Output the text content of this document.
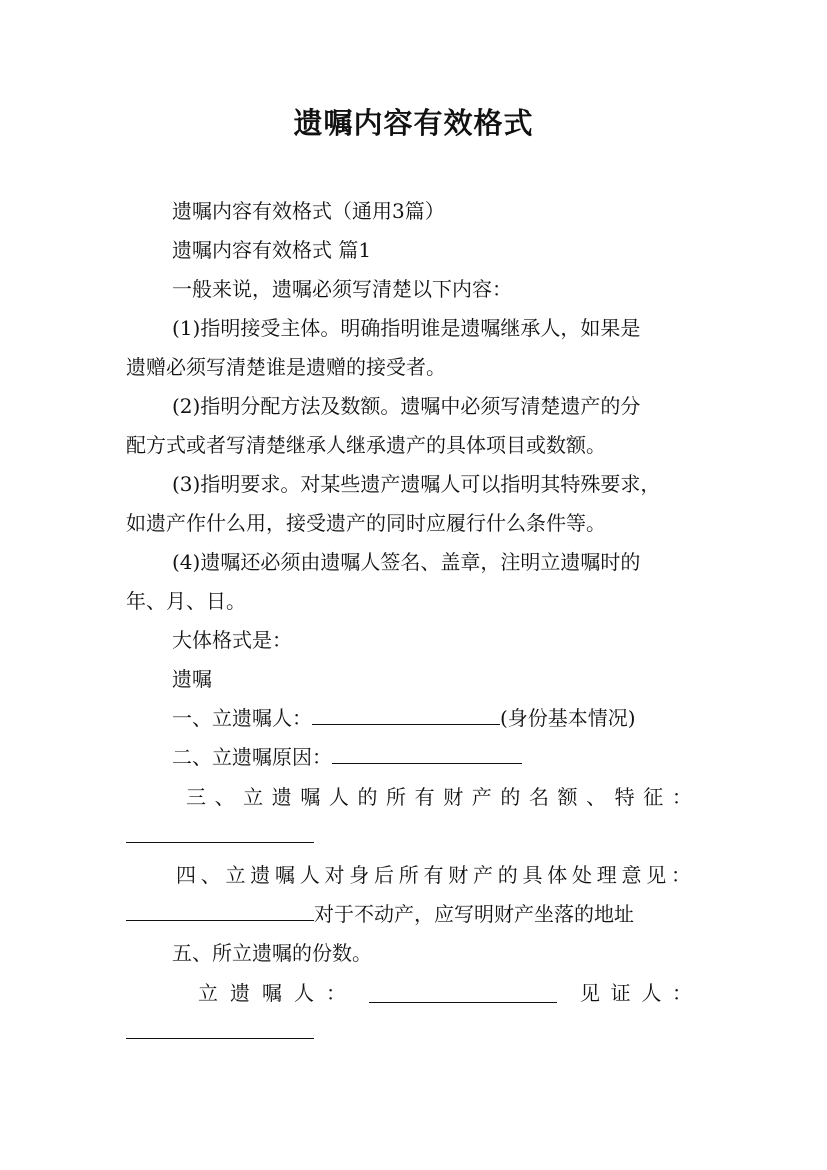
遗嘱内容有效格式
遗嘱内容有效格式（通用3篇）
遗嘱内容有效格式 篇1
一般来说，遗嘱必须写清楚以下内容：
(1)指明接受主体。明确指明谁是遗嘱继承人，如果是
遗赠必须写清楚谁是遗赠的接受者。
(2)指明分配方法及数额。遗嘱中必须写清楚遗产的分
配方式或者写清楚继承人继承遗产的具体项目或数额。
(3)指明要求。对某些遗产遗嘱人可以指明其特殊要求，
如遗产作什么用，接受遗产的同时应履行什么条件等。
(4)遗嘱还必须由遗嘱人签名、盖章，注明立遗嘱时的
年、月、日。
大体格式是：
遗嘱
一、立遗嘱人：	(身份基本情况)
二、立遗嘱原因：
三 、 立 遗 嘱 人 的 所 有 财 产 的 名 额 、 特 征 ：
四 、 立 遗 嘱 人 对 身 后 所 有 财 产 的 具 体 处 理 意 见 ：
对于不动产，应写明财产坐落的地址
五、所立遗嘱的份数。
立 遗 嘱 人 ：	见 证 人 ：
